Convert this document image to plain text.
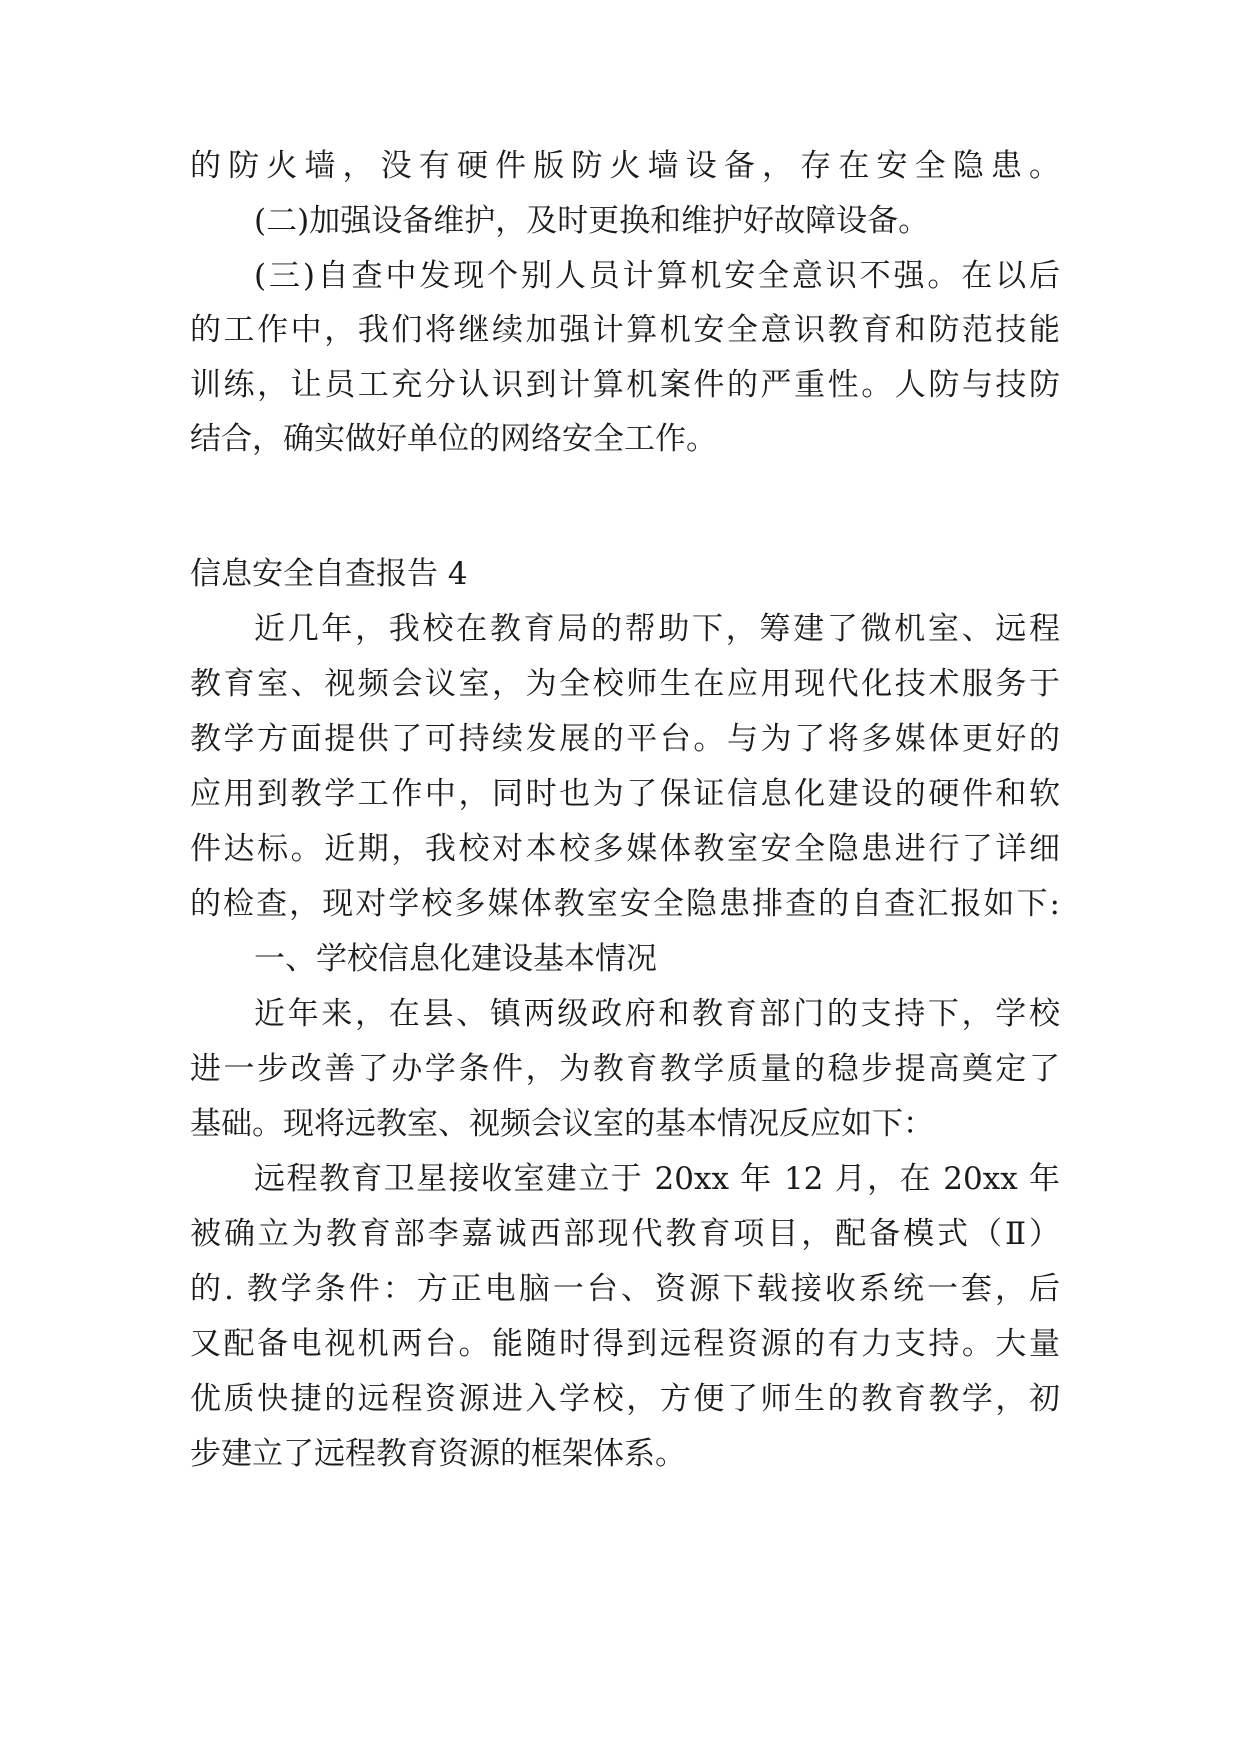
的防火墙，没有硬件版防火墙设备，存在安全隐患。
(二)加强设备维护，及时更换和维护好故障设备。
(三)自查中发现个别人员计算机安全意识不强。在以后
的工作中，我们将继续加强计算机安全意识教育和防范技能
训练，让员工充分认识到计算机案件的严重性。人防与技防
结合，确实做好单位的网络安全工作。
信息安全自查报告 4
近几年，我校在教育局的帮助下，筹建了微机室、远程
教育室、视频会议室，为全校师生在应用现代化技术服务于
教学方面提供了可持续发展的平台。与为了将多媒体更好的
应用到教学工作中，同时也为了保证信息化建设的硬件和软
件达标。近期，我校对本校多媒体教室安全隐患进行了详细
的检查，现对学校多媒体教室安全隐患排查的自查汇报如下:
一、学校信息化建设基本情况
近年来，在县、镇两级政府和教育部门的支持下，学校
进一步改善了办学条件，为教育教学质量的稳步提高奠定了
基础。现将远教室、视频会议室的基本情况反应如下：
远程教育卫星接收室建立于 20xx 年 12 月，在 20xx 年
被确立为教育部李嘉诚西部现代教育项目，配备模式（Ⅱ）
的. 教学条件：方正电脑一台、资源下载接收系统一套，后
又配备电视机两台。能随时得到远程资源的有力支持。大量
优质快捷的远程资源进入学校，方便了师生的教育教学，初
步建立了远程教育资源的框架体系。
